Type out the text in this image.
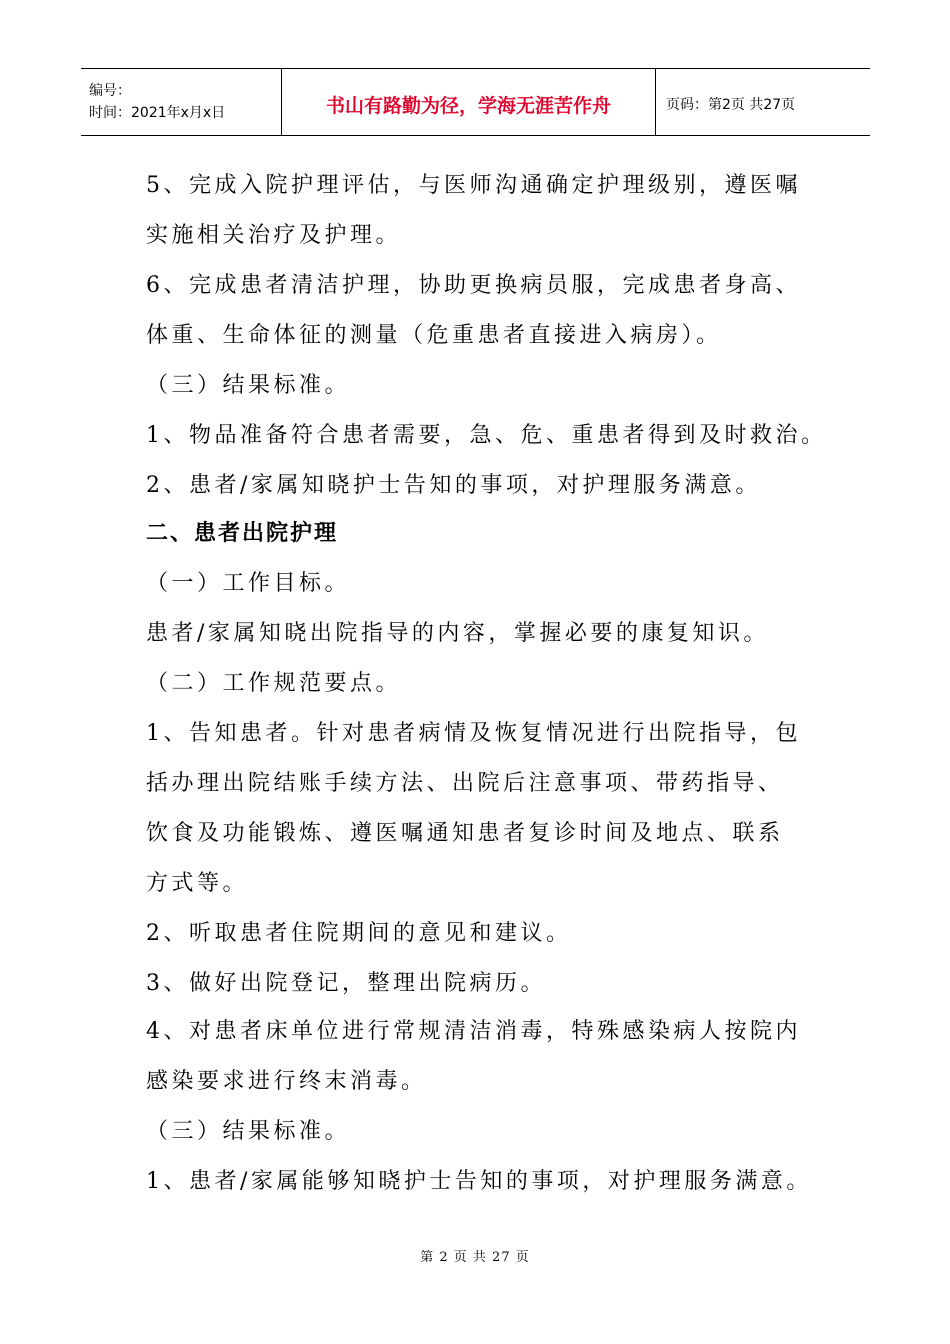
编号：
时间：2021年x月x日	书山有路勤为径，学海无涯苦作舟	页码：第2页 共27页
5、完成入院护理评估，与医师沟通确定护理级别，遵医嘱
实施相关治疗及护理。
6、完成患者清洁护理，协助更换病员服，完成患者身高、
体重、生命体征的测量（危重患者直接进入病房）。
（三）结果标准。
1、物品准备符合患者需要，急、危、重患者得到及时救治。
2、患者/家属知晓护士告知的事项，对护理服务满意。
二、患者出院护理
（一）工作目标。
患者/家属知晓出院指导的内容，掌握必要的康复知识。
（二）工作规范要点。
1、告知患者。针对患者病情及恢复情况进行出院指导，包
括办理出院结账手续方法、出院后注意事项、带药指导、
饮食及功能锻炼、遵医嘱通知患者复诊时间及地点、联系
方式等。
2、听取患者住院期间的意见和建议。
3、做好出院登记，整理出院病历。
4、对患者床单位进行常规清洁消毒，特殊感染病人按院内
感染要求进行终末消毒。
（三）结果标准。
1、患者/家属能够知晓护士告知的事项，对护理服务满意。
第 2 页 共 27 页
